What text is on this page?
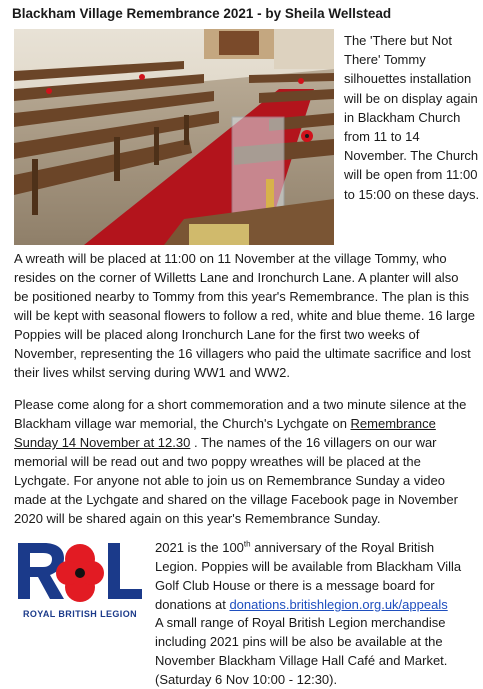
Blackham Village Remembrance 2021 - by Sheila Wellstead
The 'There but Not There' Tommy silhouettes installation will be on display again in Blackham Church from 11 to 14 November. The Church will be open from 11:00 to 15:00 on these days.
A wreath will be placed at 11:00 on 11 November at the village Tommy, who resides on the corner of Willetts Lane and Ironchurch Lane. A planter will also be positioned nearby to Tommy from this year's Remembrance. The plan is this will be kept with seasonal flowers to follow a red, white and blue theme. 16 large Poppies will be placed along Ironchurch Lane for the first two weeks of November, representing the 16 villagers who paid the ultimate sacrifice and lost their lives whilst serving during WW1 and WW2.
Please come along for a short commemoration and a two minute silence at the Blackham village war memorial, the Church's Lychgate on Remembrance Sunday 14 November at 12.30 . The names of the 16 villagers on our war memorial will be read out and two poppy wreathes will be placed at the Lychgate. For anyone not able to join us on Remembrance Sunday a video made at the Lychgate and shared on the village Facebook page in November 2020 will be shared again on this year's Remembrance Sunday.
ROYAL BRITISH LEGION
2021 is the 100th anniversary of the Royal British Legion. Poppies will be available from Blackham Villa Golf Club House or there is a message board for donations at donations.britishlegion.org.uk/appeals
A small range of Royal British Legion merchandise including 2021 pins will be also be available at the November Blackham Village Hall Café and Market. (Saturday 6 Nov 10:00 - 12:30).
